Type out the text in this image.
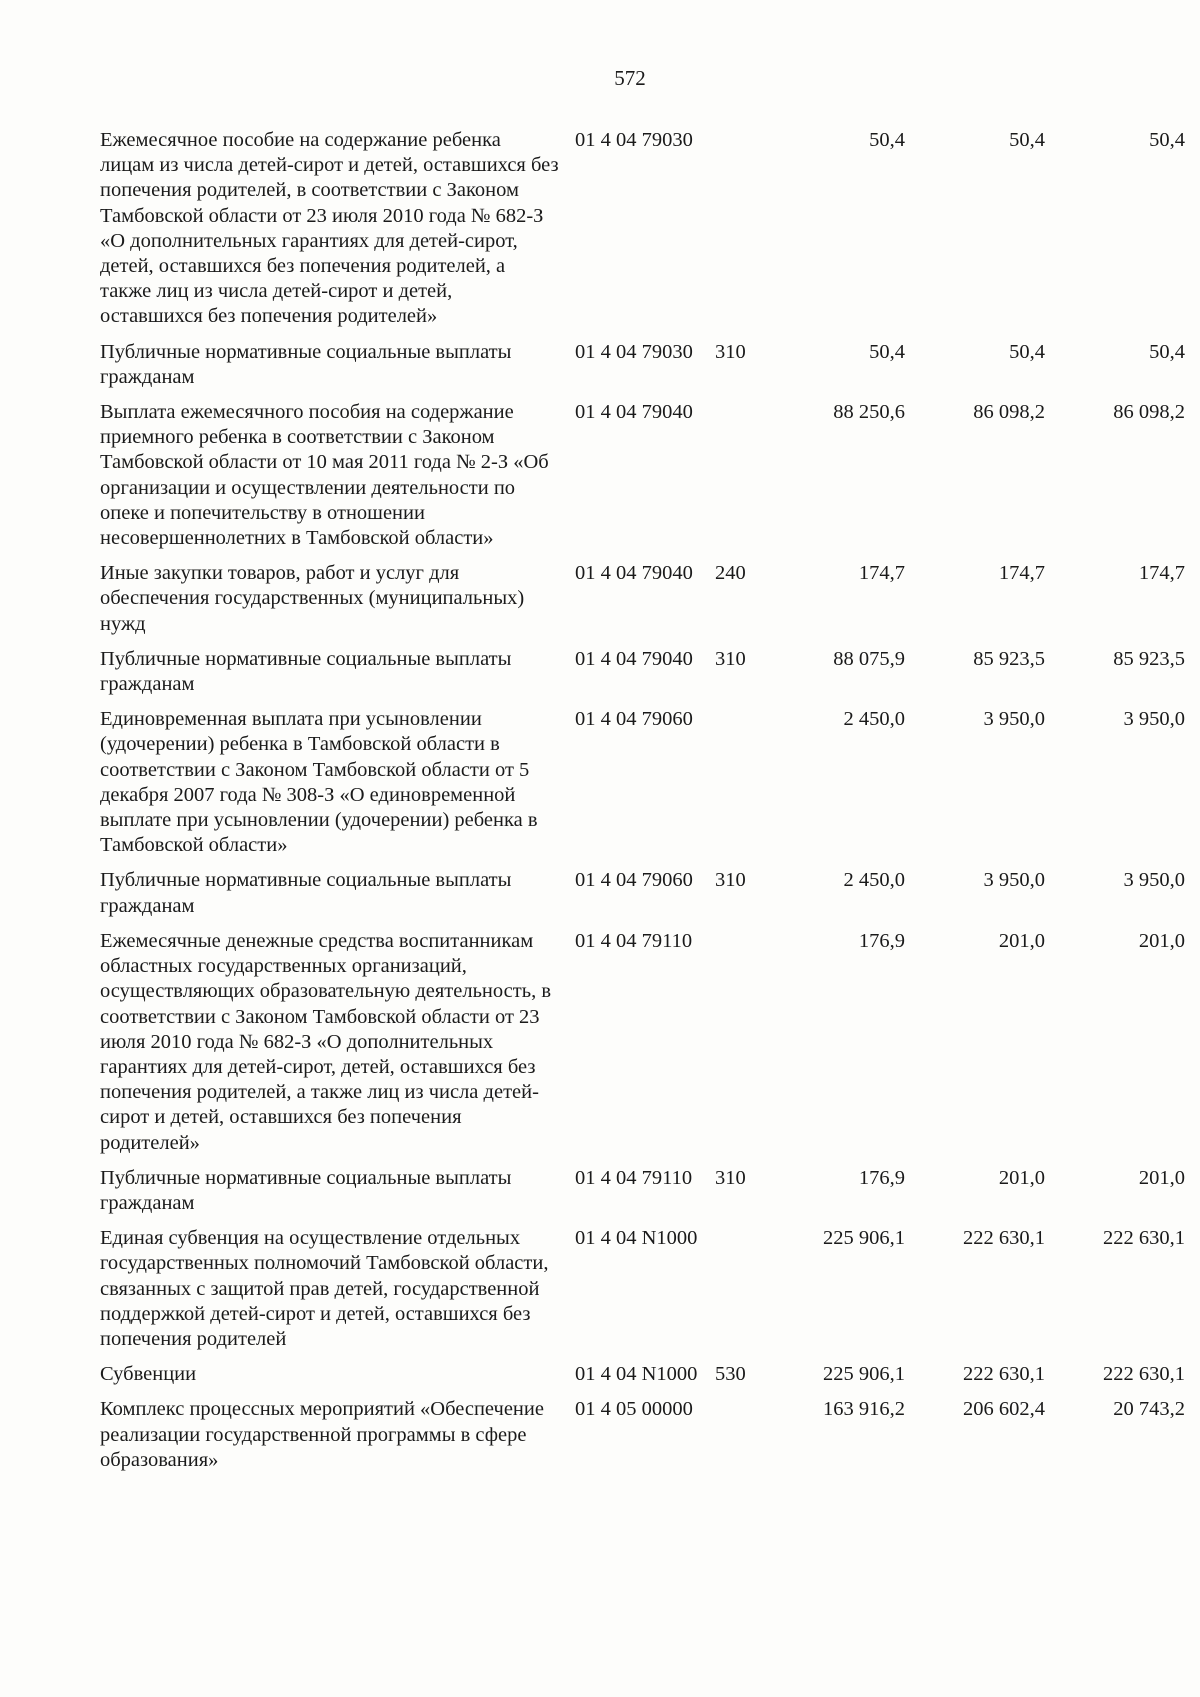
572
Ежемесячное пособие на содержание ребенка лицам из числа детей-сирот и детей, оставшихся без попечения родителей, в соответствии с Законом Тамбовской области от 23 июля 2010 года № 682-З «О дополнительных гарантиях для детей-сирот, детей, оставшихся без попечения родителей, а также лиц из числа детей-сирот и детей, оставшихся без попечения родителей»	01 4 04 79030		50,4	50,4	50,4
Публичные нормативные социальные выплаты гражданам	01 4 04 79030	310	50,4	50,4	50,4
Выплата ежемесячного пособия на содержание приемного ребенка в соответствии с Законом Тамбовской области от 10 мая 2011 года № 2-З «Об организации и осуществлении деятельности по опеке и попечительству в отношении несовершеннолетних в Тамбовской области»	01 4 04 79040		88 250,6	86 098,2	86 098,2
Иные закупки товаров, работ и услуг для обеспечения государственных (муниципальных) нужд	01 4 04 79040	240	174,7	174,7	174,7
Публичные нормативные социальные выплаты гражданам	01 4 04 79040	310	88 075,9	85 923,5	85 923,5
Единовременная выплата при усыновлении (удочерении) ребенка в Тамбовской области в соответствии с Законом Тамбовской области от 5 декабря 2007 года № 308-З «О единовременной выплате при усыновлении (удочерении) ребенка в Тамбовской области»	01 4 04 79060		2 450,0	3 950,0	3 950,0
Публичные нормативные социальные выплаты гражданам	01 4 04 79060	310	2 450,0	3 950,0	3 950,0
Ежемесячные денежные средства воспитанникам областных государственных организаций, осуществляющих образовательную деятельность, в соответствии с Законом Тамбовской области от 23 июля 2010 года № 682-З «О дополнительных гарантиях для детей-сирот, детей, оставшихся без попечения родителей, а также лиц из числа детей-сирот и детей, оставшихся без попечения родителей»	01 4 04 79110		176,9	201,0	201,0
Публичные нормативные социальные выплаты гражданам	01 4 04 79110	310	176,9	201,0	201,0
Единая субвенция на осуществление отдельных государственных полномочий Тамбовской области, связанных с защитой прав детей, государственной поддержкой детей-сирот и детей, оставшихся без попечения родителей	01 4 04 N1000		225 906,1	222 630,1	222 630,1
Субвенции	01 4 04 N1000	530	225 906,1	222 630,1	222 630,1
Комплекс процессных мероприятий «Обеспечение реализации государственной программы в сфере образования»	01 4 05 00000		163 916,2	206 602,4	20 743,2
